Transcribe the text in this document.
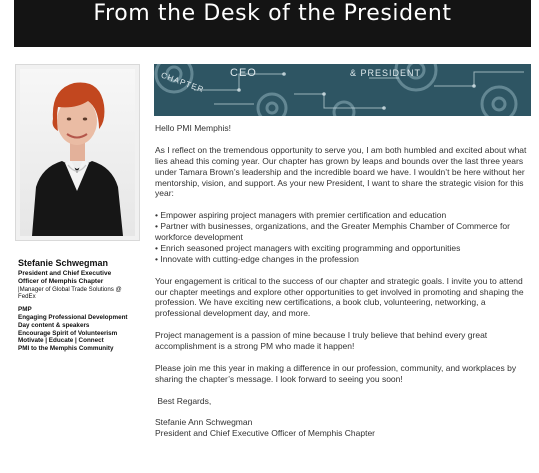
From the Desk of the President
Stefanie Schwegman
President and Chief Executive
Officer of Memphis Chapter
|Manager of Global Trade Solutions @
FedEx
PMP
Engaging Professional Development
Day content & speakers
Encourage Spirit of Volunteerism
Motivate | Educate | Connect
PMI to the Memphis Community
CEO	& PRESIDENT
CHAPTER

Hello PMI Memphis!

As I reflect on the tremendous opportunity to serve you, I am both humbled and excited about what lies ahead this coming year. Our chapter has grown by leaps and bounds over the last three years under Tamara Brown’s leadership and the incredible board we have. I wouldn’t be here without her mentorship, vision, and support. As your new President, I want to share the strategic vision for this year:

• Empower aspiring project managers with premier certification and education
• Partner with businesses, organizations, and the Greater Memphis Chamber of Commerce for workforce development
• Enrich seasoned project managers with exciting programming and opportunities
• Innovate with cutting-edge changes in the profession

Your engagement is critical to the success of our chapter and strategic goals. I invite you to attend our chapter meetings and explore other opportunities to get involved in promoting and shaping the profession. We have exciting new certifications, a book club, volunteering, networking, a professional development day, and more.

Project management is a passion of mine because I truly believe that behind every great accomplishment is a strong PM who made it happen!

Please join me this year in making a difference in our profession, community, and workplaces by sharing the chapter’s message. I look forward to seeing you soon!

Best Regards,

Stefanie Ann Schwegman
President and Chief Executive Officer of Memphis Chapter
